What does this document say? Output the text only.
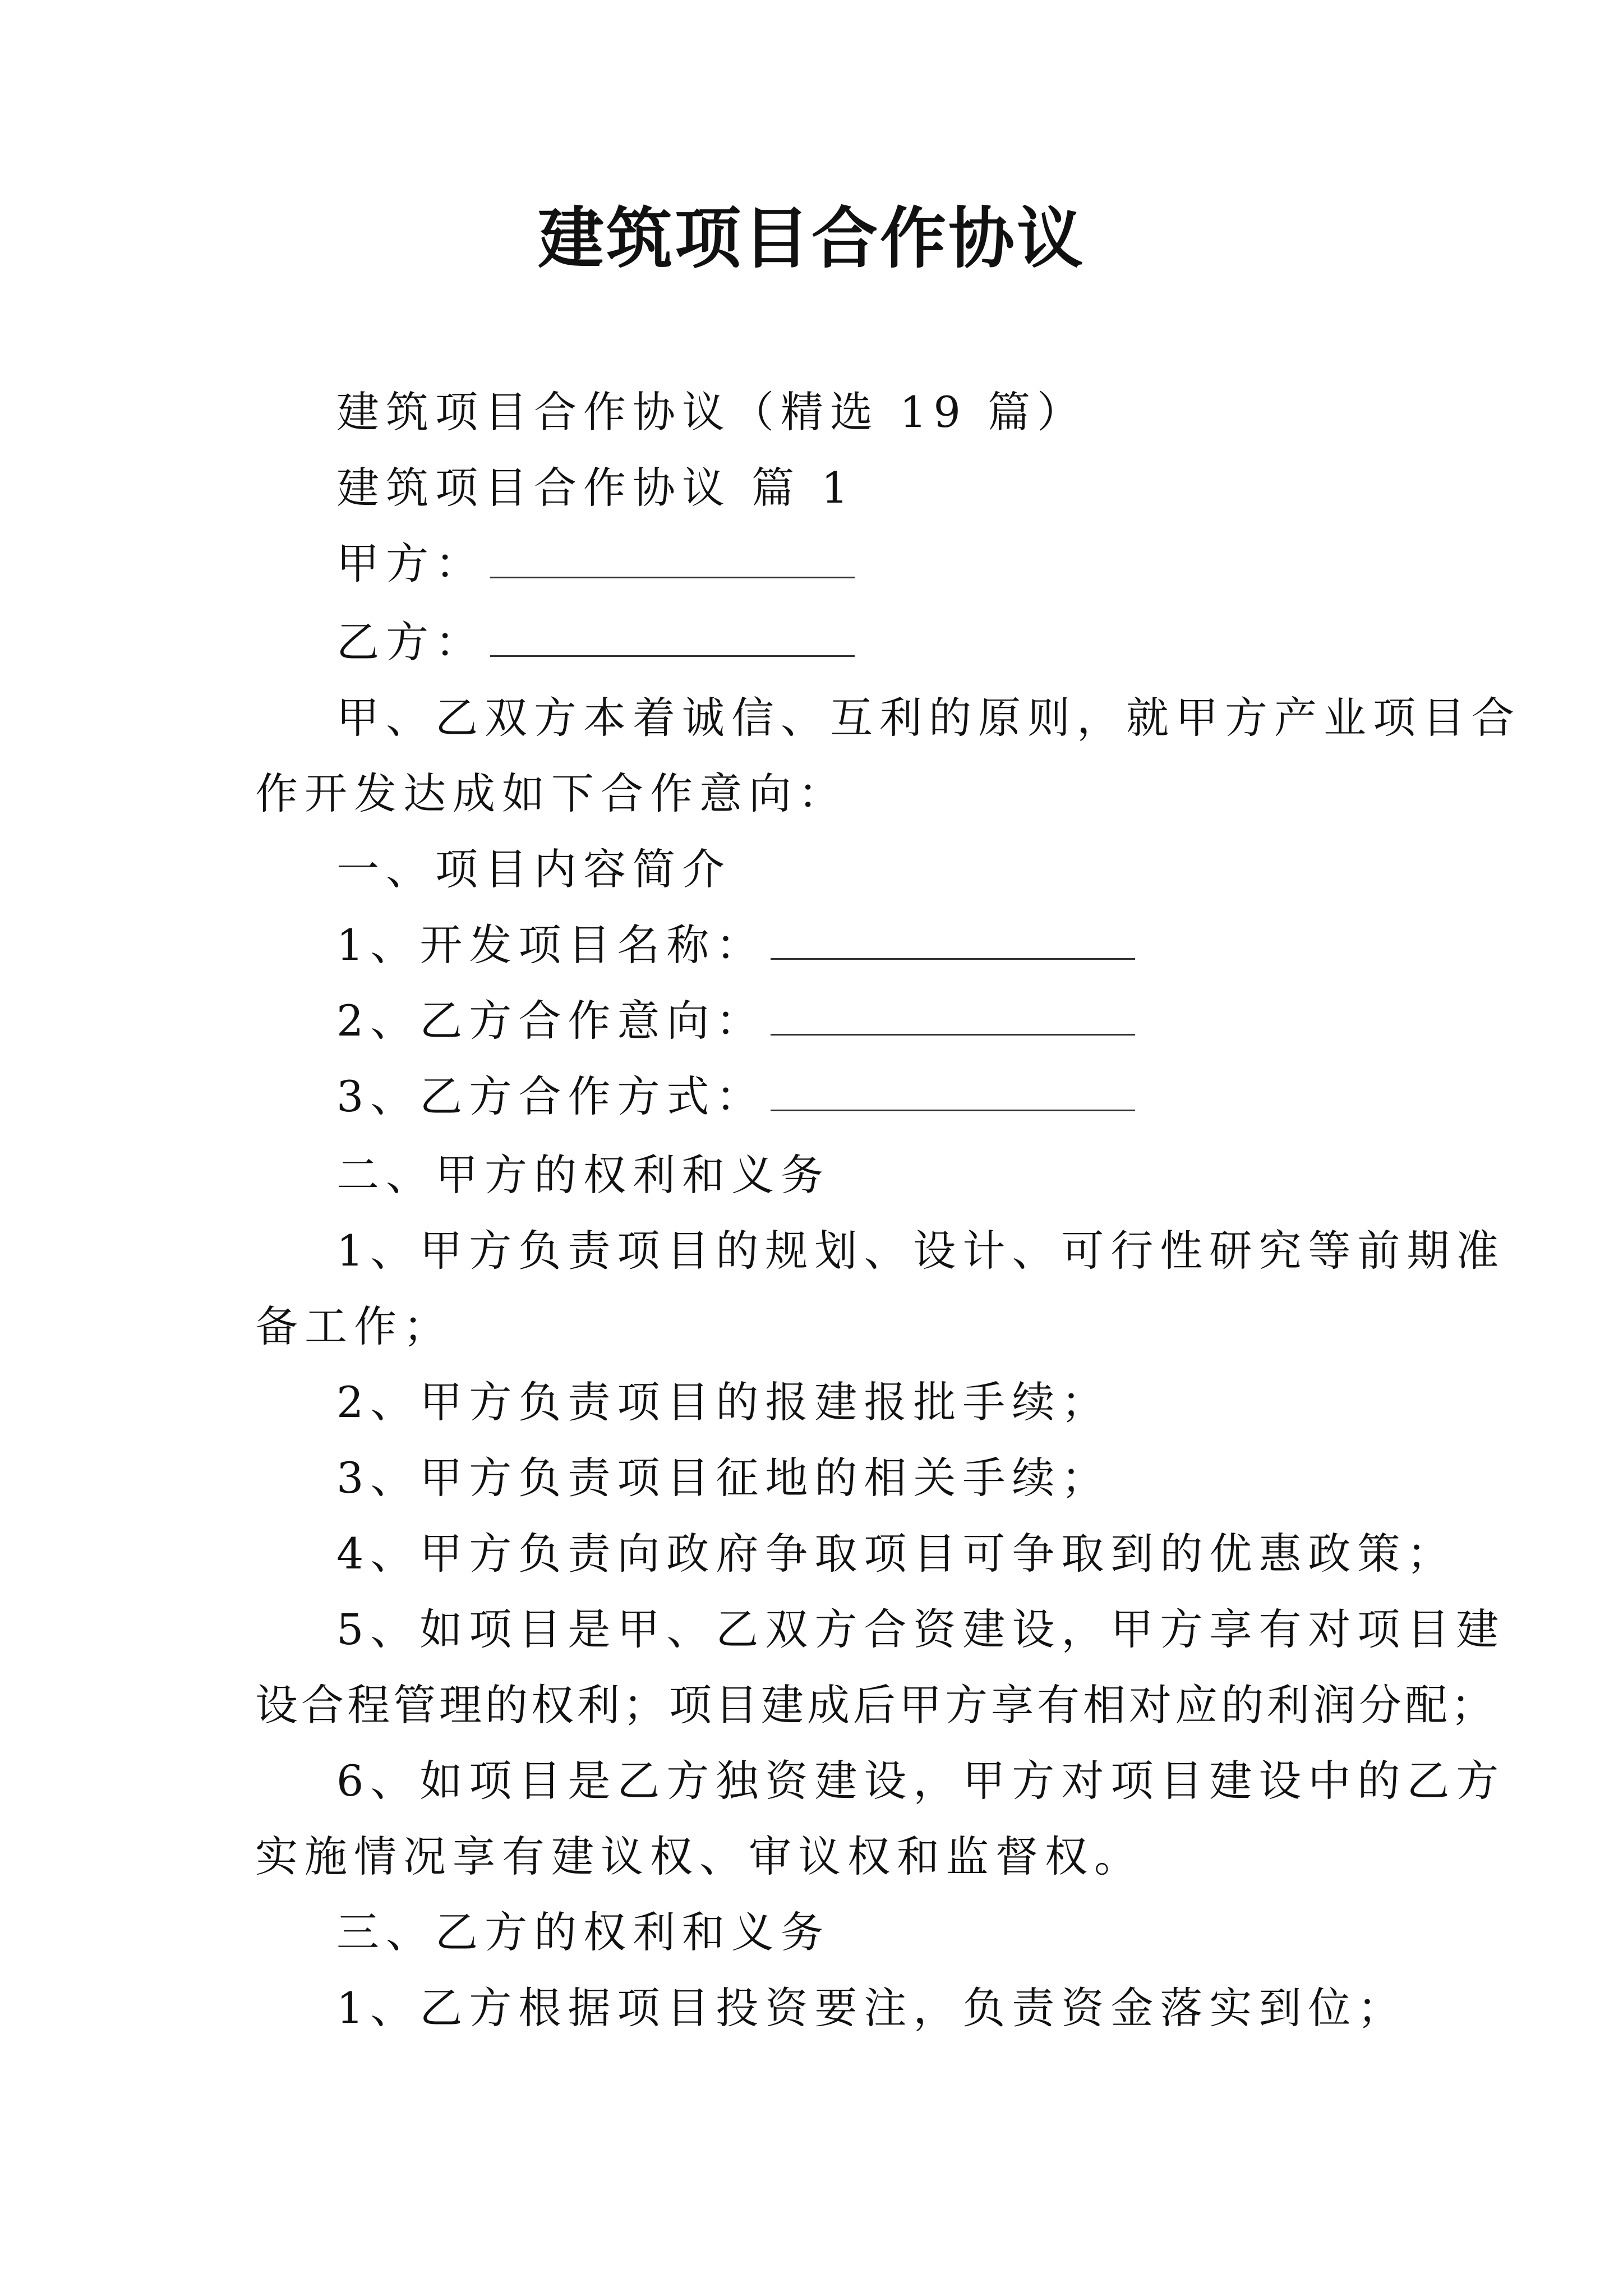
建筑项目合作协议
建筑项目合作协议（精选 19 篇）
建筑项目合作协议 篇 1
甲方：
乙方：
甲、乙双方本着诚信、互利的原则，就甲方产业项目合
作开发达成如下合作意向：
一、项目内容简介
1、开发项目名称：
2、乙方合作意向：
3、乙方合作方式：
二、甲方的权利和义务
1、甲方负责项目的规划、设计、可行性研究等前期准
备工作；
2、甲方负责项目的报建报批手续；
3、甲方负责项目征地的相关手续；
4、甲方负责向政府争取项目可争取到的优惠政策；
5、如项目是甲、乙双方合资建设，甲方享有对项目建
设合程管理的权利；项目建成后甲方享有相对应的利润分配；
6、如项目是乙方独资建设，甲方对项目建设中的乙方
实施情况享有建议权、审议权和监督权。
三、乙方的权利和义务
1、乙方根据项目投资要注，负责资金落实到位；
